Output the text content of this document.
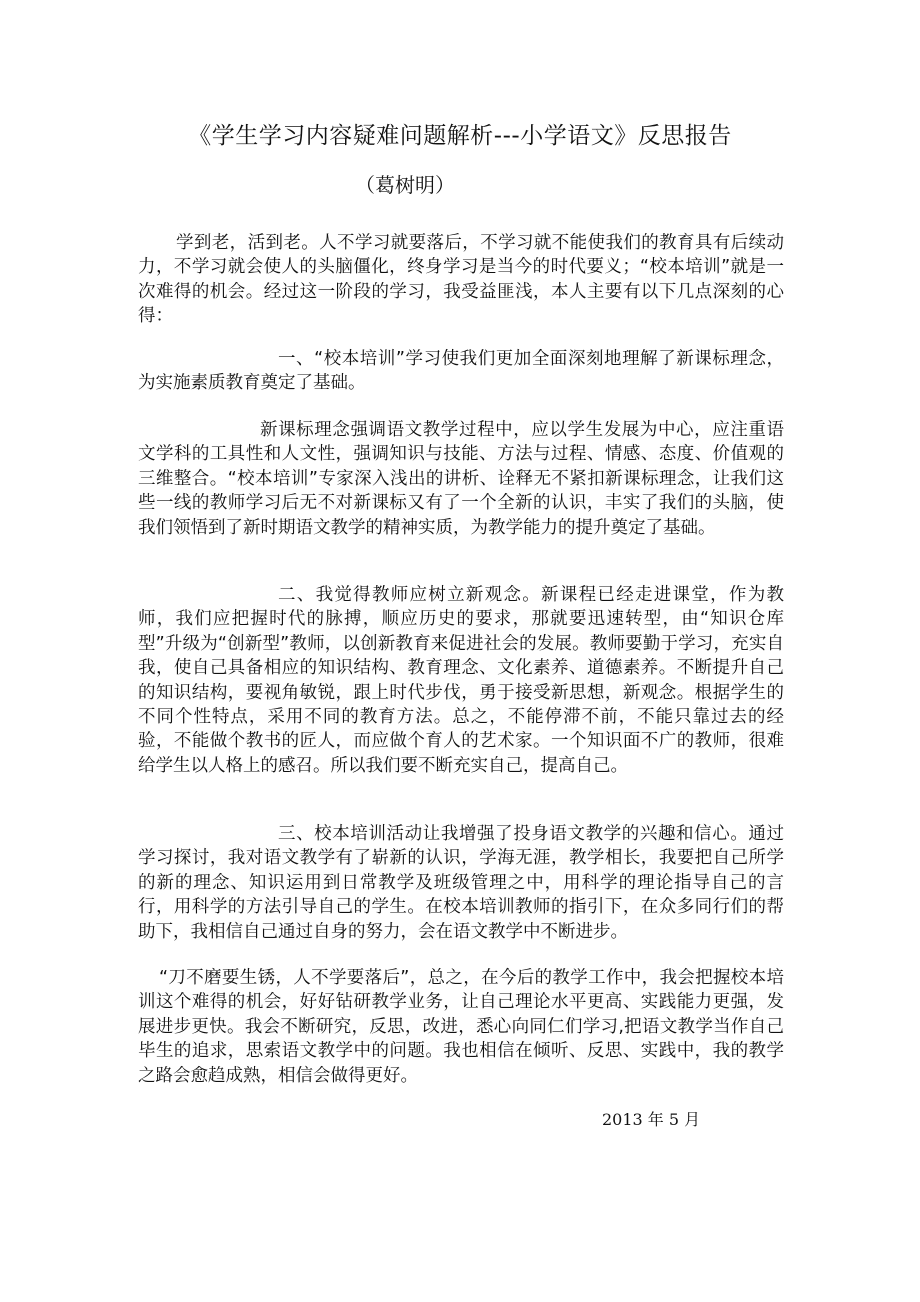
《学生学习内容疑难问题解析---小学语文》反思报告
（葛树明）

学到老，活到老。人不学习就要落后，不学习就不能使我们的教育具有后续动力，不学习就会使人的头脑僵化，终身学习是当今的时代要义；“校本培训”就是一次难得的机会。经过这一阶段的学习，我受益匪浅，本人主要有以下几点深刻的心得：

一、“校本培训”学习使我们更加全面深刻地理解了新课标理念，为实施素质教育奠定了基础。

新课标理念强调语文教学过程中，应以学生发展为中心，应注重语文学科的工具性和人文性，强调知识与技能、方法与过程、情感、态度、价值观的三维整合。“校本培训”专家深入浅出的讲析、诠释无不紧扣新课标理念，让我们这些一线的教师学习后无不对新课标又有了一个全新的认识，丰实了我们的头脑，使我们领悟到了新时期语文教学的精神实质，为教学能力的提升奠定了基础。

二、我觉得教师应树立新观念。新课程已经走进课堂，作为教师，我们应把握时代的脉搏，顺应历史的要求，那就要迅速转型，由“知识仓库型”升级为“创新型”教师，以创新教育来促进社会的发展。教师要勤于学习，充实自我，使自己具备相应的知识结构、教育理念、文化素养、道德素养。不断提升自己的知识结构，要视角敏锐，跟上时代步伐，勇于接受新思想，新观念。根据学生的不同个性特点，采用不同的教育方法。总之，不能停滞不前，不能只靠过去的经验，不能做个教书的匠人，而应做个育人的艺术家。一个知识面不广的教师，很难给学生以人格上的感召。所以我们要不断充实自己，提高自己。

三、校本培训活动让我增强了投身语文教学的兴趣和信心。通过学习探讨，我对语文教学有了崭新的认识，学海无涯，教学相长，我要把自己所学的新的理念、知识运用到日常教学及班级管理之中，用科学的理论指导自己的言行，用科学的方法引导自己的学生。在校本培训教师的指引下，在众多同行们的帮助下，我相信自己通过自身的努力，会在语文教学中不断进步。

“刀不磨要生锈，人不学要落后”，总之，在今后的教学工作中，我会把握校本培训这个难得的机会，好好钻研教学业务，让自己理论水平更高、实践能力更强，发展进步更快。我会不断研究，反思，改进，悉心向同仁们学习,把语文教学当作自己毕生的追求，思索语文教学中的问题。我也相信在倾听、反思、实践中，我的教学之路会愈趋成熟，相信会做得更好。

2013 年 5 月
